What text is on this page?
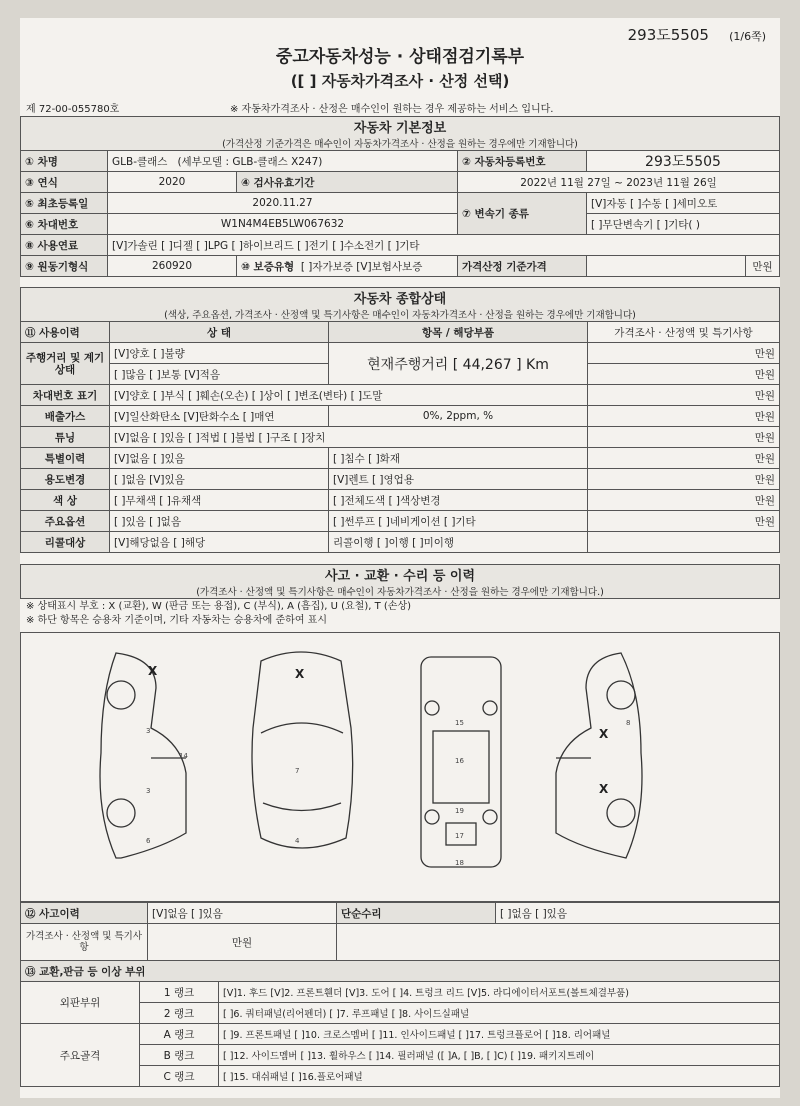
293도5505 (1/6쪽)
중고자동차성능 · 상태점검기록부
([ ] 자동차가격조사 · 산정 선택)
제 72-00-055780호	※ 자동차가격조사 · 산정은 매수인이 원하는 경우 제공하는 서비스 입니다.
자동차 기본정보
(가격산정 기준가격은 매수인이 자동차가격조사 · 산정을 원하는 경우에만 기재합니다)					

① 차명	GLB-클래스 (세부모델 : GLB-클래스 X247)		② 자동차등록번호	293도5505	
③ 연식	2020	④ 검사유효기간	2022년 11월 27일 ~ 2023년 11월 26일		
⑤ 최초등록일	2020.11.27		⑦ 변속기 종류	[V]자동 [ ]수동 [ ]세미오토	
⑥ 차대번호	W1N4M4EB5LW067632			[ ]무단변속기 [ ]기타( )	
⑧ 사용연료	[V]가솔린 [ ]디젤 [ ]LPG [ ]하이브리드 [ ]전기 [ ]수소전기 [ ]기타				
⑨ 원동기형식	260920	⑩ 보증유형 [ ]자가보증 [V]보험사보증	가격산정 기준가격		만원
자동차 종합상태
(색상, 주요옵션, 가격조사 · 산정액 및 특기사항은 매수인이 자동차가격조사 · 산정을 원하는 경우에만 기재합니다)			

⑪ 사용이력	상 태	항목 / 해당부품	가격조사 · 산정액 및 특기사항
주행거리 및 계기상태	[V]양호 [ ]불량	현재주행거리 [ 44,267 ] Km	만원
	[ ]많음 [ ]보통 [V]적음		만원
차대번호 표기	[V]양호 [ ]부식 [ ]훼손(오손) [ ]상이 [ ]변조(변타) [ ]도말		만원
배출가스	[V]일산화탄소 [V]탄화수소 [ ]매연	0%, 2ppm, %	만원
튜닝	[V]없음 [ ]있음 [ ]적법 [ ]불법 [ ]구조 [ ]장치		만원
특별이력	[V]없음 [ ]있음	[ ]침수 [ ]화재	만원
용도변경	[ ]없음 [V]있음	[V]렌트 [ ]영업용	만원
색 상	[ ]무채색 [ ]유채색	[ ]전체도색 [ ]색상변경	만원
주요옵션	[ ]있음 [ ]없음	[ ]썬루프 [ ]네비게이션 [ ]기타	만원
리콜대상	[V]해당없음 [ ]해당	리콜이행 [ ]이행 [ ]미이행	
사고 · 교환 · 수리 등 이력
(가격조사 · 산정액 및 특기사항은 매수인이 자동차가격조사 · 산정을 원하는 경우에만 기재합니다.)
※ 상태표시 부호 : X (교환), W (판금 또는 용접), C (부식), A (흠집), U (요철), T (손상)
※ 하단 항목은 승용차 기준이며, 기타 자동차는 승용차에 준하여 표시
X	X
X
X
3
3
14
6
7
4
16
15
19
17
18
8
⑫ 사고이력	[V]없음 [ ]있음	단순수리	[ ]없음 [ ]있음
가격조사 · 산정액 및 특기사항	만원		
⑬ 교환,판금 등 이상 부위		
외판부위	1 랭크	[V]1. 후드 [V]2. 프론트휀더 [V]3. 도어 [ ]4. 트렁크 리드 [V]5. 라디에이터서포트(볼트체결부품)
	2 랭크	[ ]6. 쿼터패널(리어펜더) [ ]7. 루프패널 [ ]8. 사이드실패널
주요골격	A 랭크	[ ]9. 프론트패널 [ ]10. 크로스멤버 [ ]11. 인사이드패널 [ ]17. 트렁크플로어 [ ]18. 리어패널
	B 랭크	[ ]12. 사이드멤버 [ ]13. 휠하우스 [ ]14. 필러패널 ([ ]A, [ ]B, [ ]C) [ ]19. 패키지트레이
	C 랭크	[ ]15. 대쉬패널 [ ]16.플로어패널
